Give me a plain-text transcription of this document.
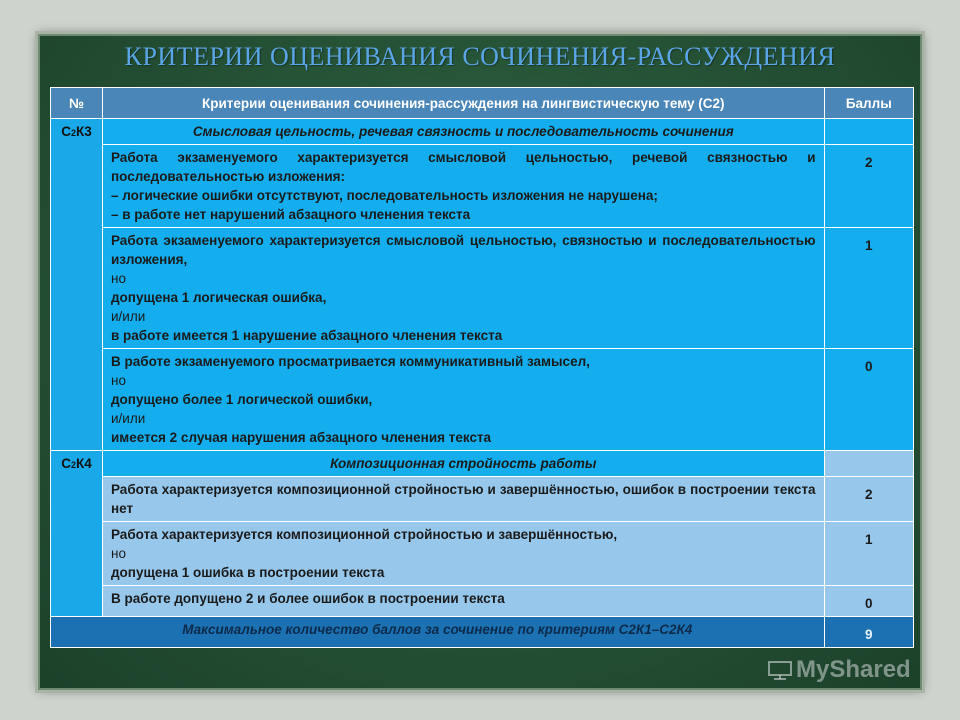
КРИТЕРИИ ОЦЕНИВАНИЯ СОЧИНЕНИЯ-РАССУЖДЕНИЯ
№	Критерии оценивания сочинения-рассуждения на лингвистическую тему (С2)	Баллы
С2К3	Смысловая цельность, речевая связность и последовательность сочинения	

	Работа экзаменуемого характеризуется смысловой цельностью, речевой связностью и последовательностью изложения:
– логические ошибки отсутствуют, последовательность изложения не нарушена;
– в работе нет нарушений абзацного членения текста	2

	Работа экзаменуемого характеризуется смысловой цельностью, связностью и последовательностью изложения,
но
допущена 1 логическая ошибка,
и/или
в работе имеется 1 нарушение абзацного членения текста	1

	В работе экзаменуемого просматривается коммуникативный замысел,
но
допущено более 1 логической ошибки,
и/или
имеется 2 случая нарушения абзацного членения текста	0
С2К4	Композиционная стройность работы	

	Работа характеризуется композиционной стройностью и завершённостью, ошибок в построении текста нет	2

	Работа характеризуется композиционной стройностью и завершённостью,
но
допущена 1 ошибка в построении текста	1

	В работе допущено 2 и более ошибок в построении текста	0
Максимальное количество баллов за сочинение по критериям С2К1–С2К4		9
MyShared
